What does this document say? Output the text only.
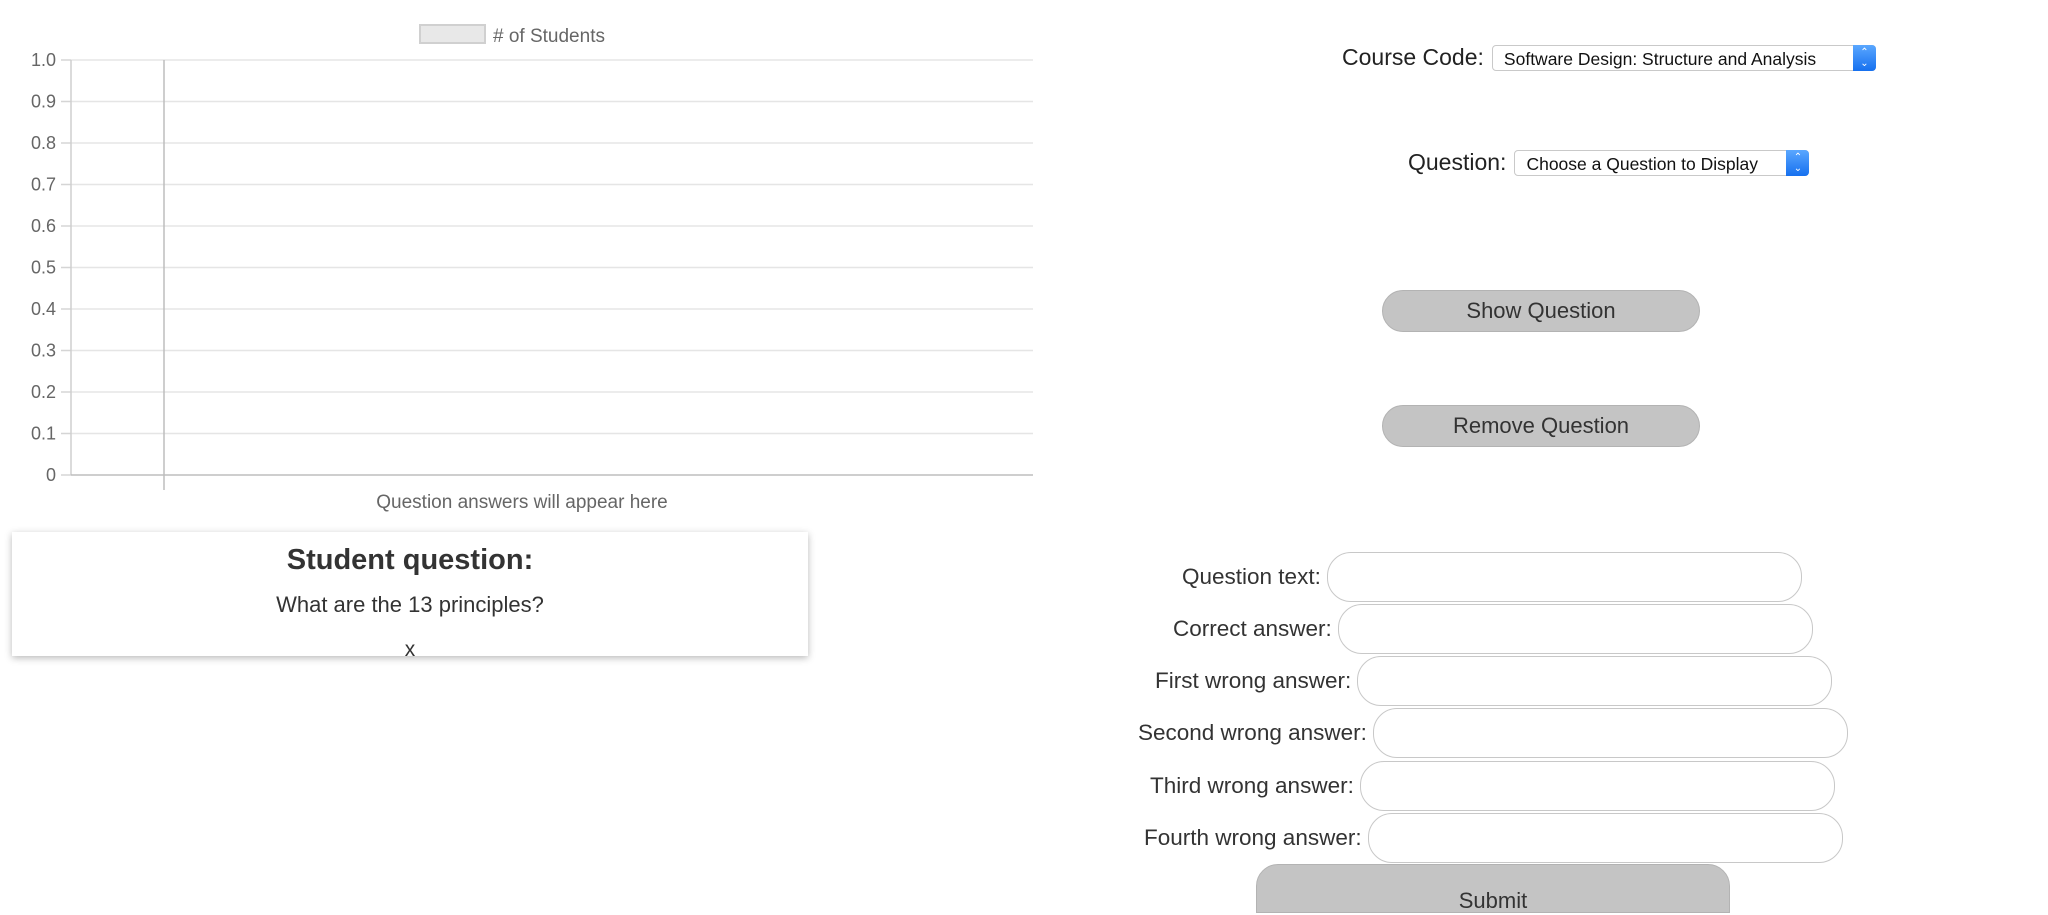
0
0.1
0.2
0.3
0.4
0.5
0.6
0.7
0.8
0.9
1.0
# of Students
Question answers will appear here
Student question:
What are the 13 principles?
x
Course Code:	Software Design: Structure and Analysis	⌃
⌄
Question:	Choose a Question to Display	⌃
⌄
Show Question
Remove Question
Question text:
Correct answer:
First wrong answer:
Second wrong answer:
Third wrong answer:
Fourth wrong answer:
Submit
